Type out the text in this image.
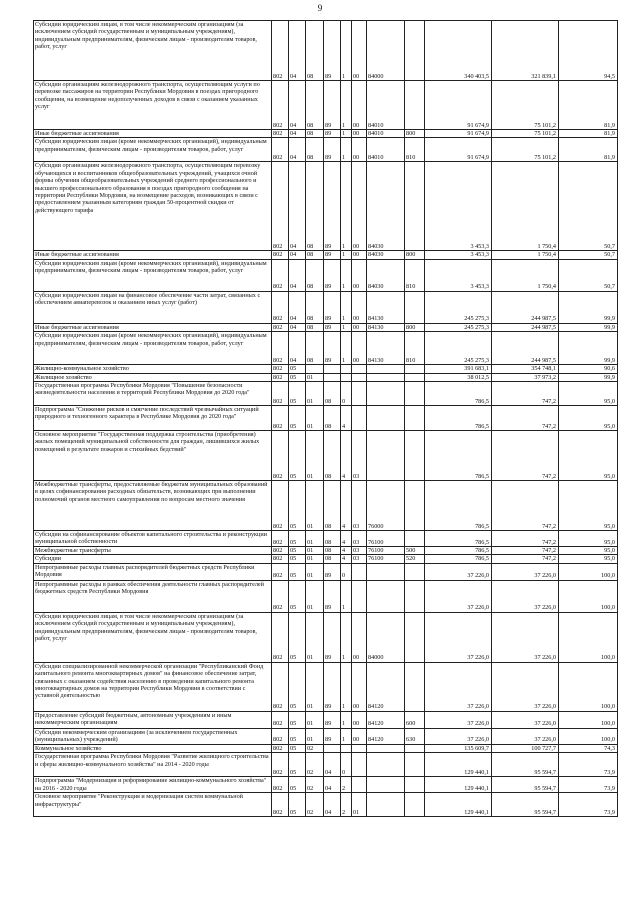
9
Субсидии юридическим лицам, в том числе некоммерческим организациям (за исключением субсидий государственным и муниципальным учреждениям), индивидуальным предпринимателям, физическим лицам - производителям товаров, работ, услуг	802	04	08	89	1	00	84000		340 403,5	321 839,1	94,5
Субсидии организациям железнодорожного транспорта, осуществляющим услуги по перевозке пассажиров на территории Республики Мордовия в поездах пригородного сообщения, на возмещение недополученных доходов в связи с оказанием указанных услуг	802	04	08	89	1	00	84010		91 674,9	75 101,2	81,9
Иные бюджетные ассигнования	802	04	08	89	1	00	84010	800	91 674,9	75 101,2	81,9
Субсидии юридическим лицам (кроме некоммерческих организаций), индивидуальным предпринимателям, физическим лицам - производителям товаров, работ, услуг	802	04	08	89	1	00	84010	810	91 674,9	75 101,2	81,9
Субсидии организациям железнодорожного транспорта, осуществляющим перевозку обучающихся и воспитанников общеобразовательных учреждений, учащихся очной формы обучения общеобразовательных учреждений среднего профессионального и высшего профессионального образования в поездах пригородного сообщения на территории Республики Мордовия, на возмещение расходов, возникающих в связи с предоставлением указанным категориям граждан 50-процентной скидки от действующего тарифа	802	04	08	89	1	00	84030		3 453,3	1 750,4	50,7
Иные бюджетные ассигнования	802	04	08	89	1	00	84030	800	3 453,3	1 750,4	50,7
Субсидии юридическим лицам (кроме некоммерческих организаций), индивидуальным предпринимателям, физическим лицам - производителям товаров, работ, услуг	802	04	08	89	1	00	84030	810	3 453,3	1 750,4	50,7
Субсидии юридическим лицам на финансовое обеспечение части затрат, связанных с обеспечением авиаперевозок и оказанием иных услуг (работ)	802	04	08	89	1	00	84130		245 275,3	244 987,5	99,9
Иные бюджетные ассигнования	802	04	08	89	1	00	84130	800	245 275,3	244 987,5	99,9
Субсидии юридическим лицам (кроме некоммерческих организаций), индивидуальным предпринимателям, физическим лицам - производителям товаров, работ, услуг	802	04	08	89	1	00	84130	810	245 275,3	244 987,5	99,9
Жилищно-коммунальное хозяйство	802	05							391 683,1	354 748,1	90,6
Жилищное хозяйство	802	05	01						38 012,5	37 973,2	99,9
Государственная программа Республики Мордовия "Повышение безопасности жизнедеятельности населения и территорий Республики Мордовия до 2020 года"	802	05	01	08	0				786,5	747,2	95,0
Подпрограмма "Снижение рисков и смягчение последствий чрезвычайных ситуаций природного и техногенного характера в Республике Мордовия до 2020 года"	802	05	01	08	4				786,5	747,2	95,0
Основное мероприятие "Государственная поддержка строительства (приобретения) жилых помещений муниципальной собственности для граждан, лишившихся жилых помещений в результате пожаров и стихийных бедствий"	802	05	01	08	4	03			786,5	747,2	95,0
Межбюджетные трансферты, предоставляемые бюджетам муниципальных образований в целях софинансирования расходных обязательств, возникающих при выполнении полномочий органов местного самоуправления по вопросам местного значения	802	05	01	08	4	03	76000		786,5	747,2	95,0
Субсидии на софинансирование объектов капитального строительства и реконструкции муниципальной собственности	802	05	01	08	4	03	76100		786,5	747,2	95,0
Межбюджетные трансферты	802	05	01	08	4	03	76100	500	786,5	747,2	95,0
Субсидии	802	05	01	08	4	03	76100	520	786,5	747,2	95,0
Непрограммные расходы главных распорядителей бюджетных средств Республики Мордовия	802	05	01	89	0				37 226,0	37 226,0	100,0
Непрограммные расходы в рамках обеспечения деятельности главных распорядителей бюджетных средств Республики Мордовия	802	05	01	89	1				37 226,0	37 226,0	100,0
Субсидии юридическим лицам, в том числе некоммерческим организациям (за исключением субсидий государственным и муниципальным учреждениям), индивидуальным предпринимателям, физическим лицам - производителям товаров, работ, услуг	802	05	01	89	1	00	84000		37 226,0	37 226,0	100,0
Субсидии специализированной некоммерческой организации "Республиканский Фонд капитального ремонта многоквартирных домов" на финансовое обеспечение затрат, связанных с оказанием содействия населению в проведении капитального ремонта многоквартирных домов на территории Республики Мордовия в соответствии с уставной деятельностью	802	05	01	89	1	00	84120		37 226,0	37 226,0	100,0
Предоставление субсидий бюджетным, автономным учреждениям и иным некоммерческим организациям	802	05	01	89	1	00	84120	600	37 226,0	37 226,0	100,0
Субсидии некоммерческим организациям (за исключением государственных (муниципальных) учреждений)	802	05	01	89	1	00	84120	630	37 226,0	37 226,0	100,0
Коммунальное хозяйство	802	05	02						135 609,7	100 727,7	74,3
Государственная программа Республики Мордовия "Развитие жилищного строительства и сферы жилищно-коммунального хозяйства" на 2014 - 2020 годы	802	05	02	04	0				129 440,1	95 594,7	73,9
Подпрограмма "Модернизация и реформирование жилищно-коммунального хозяйства" на 2016 - 2020 годы	802	05	02	04	2				129 440,1	95 594,7	73,9
Основное мероприятие "Реконструкция и модернизация систем коммунальной инфраструктуры"	802	05	02	04	2	01			129 440,1	95 594,7	73,9
